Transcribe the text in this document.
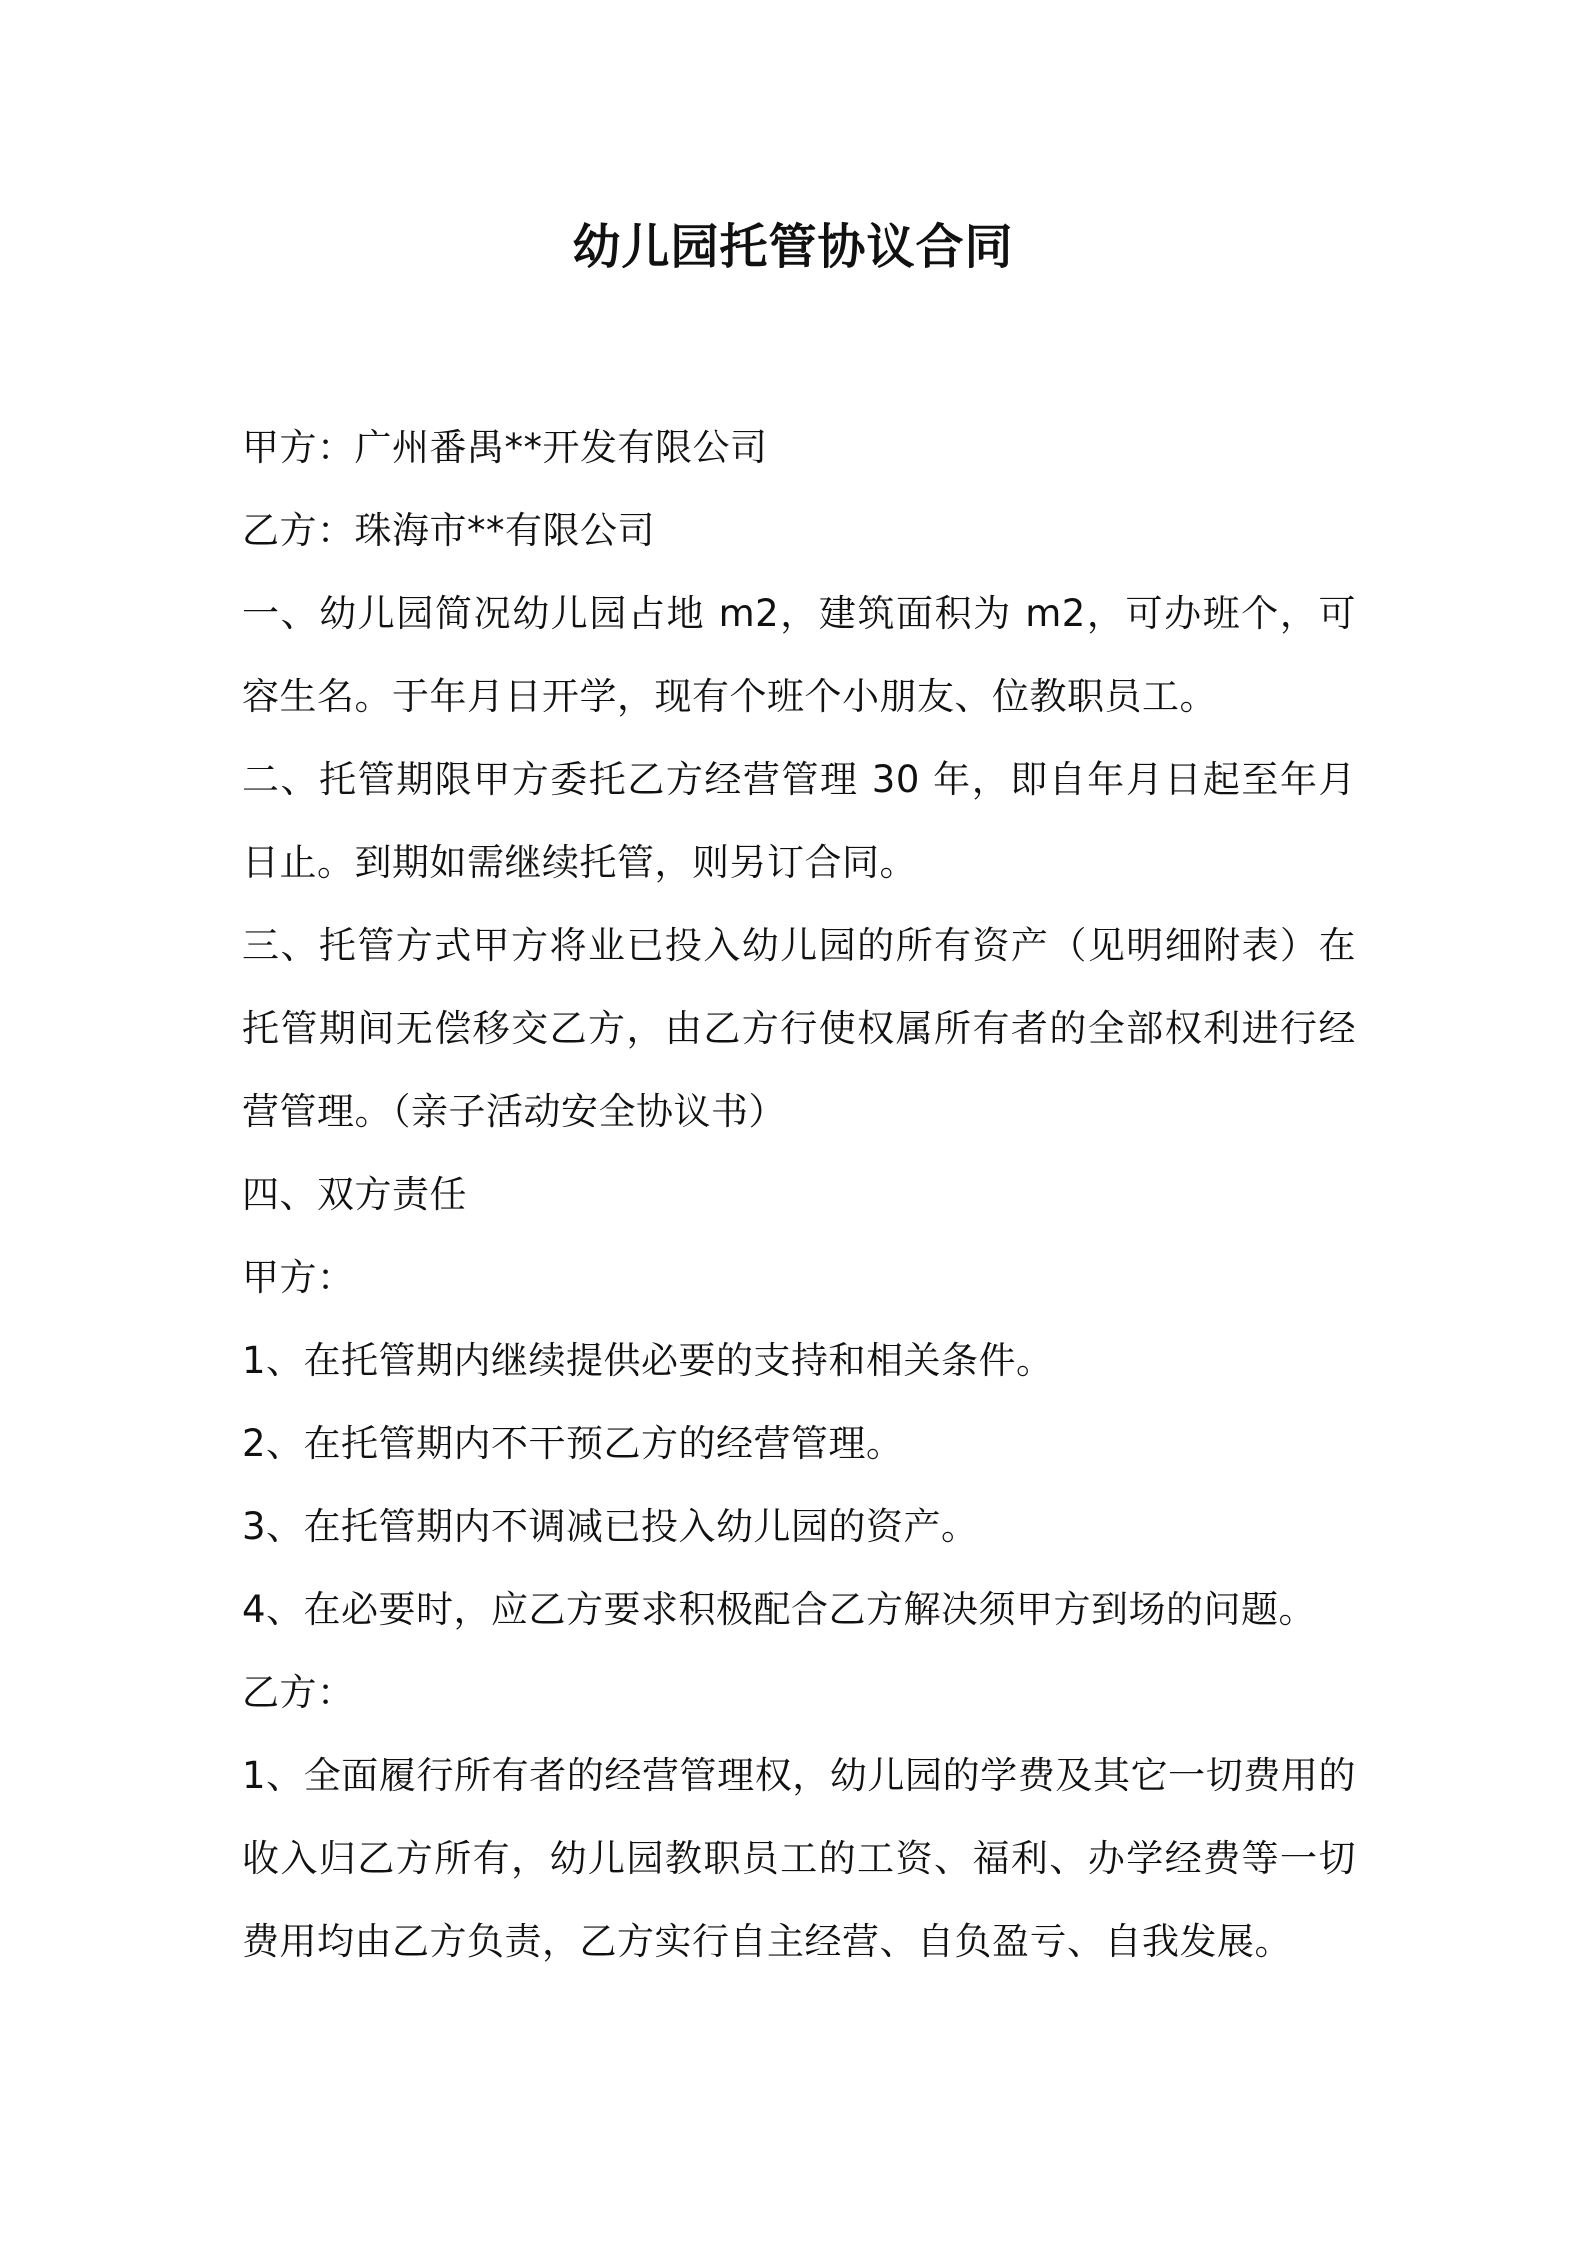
幼儿园托管协议合同

甲方：广州番禺**开发有限公司

乙方：珠海市**有限公司

一、幼儿园简况幼儿园占地 m2，建筑面积为 m2，可办班个，可容生名。于年月日开学，现有个班个小朋友、位教职员工。

二、托管期限甲方委托乙方经营管理 30 年，即自年月日起至年月日止。到期如需继续托管，则另订合同。

三、托管方式甲方将业已投入幼儿园的所有资产（见明细附表）在托管期间无偿移交乙方，由乙方行使权属所有者的全部权利进行经营管理。（亲子活动安全协议书）

四、双方责任

甲方：

1、在托管期内继续提供必要的支持和相关条件。

2、在托管期内不干预乙方的经营管理。

3、在托管期内不调减已投入幼儿园的资产。

4、在必要时，应乙方要求积极配合乙方解决须甲方到场的问题。

乙方：

1、全面履行所有者的经营管理权，幼儿园的学费及其它一切费用的收入归乙方所有，幼儿园教职员工的工资、福利、办学经费等一切费用均由乙方负责，乙方实行自主经营、自负盈亏、自我发展。
